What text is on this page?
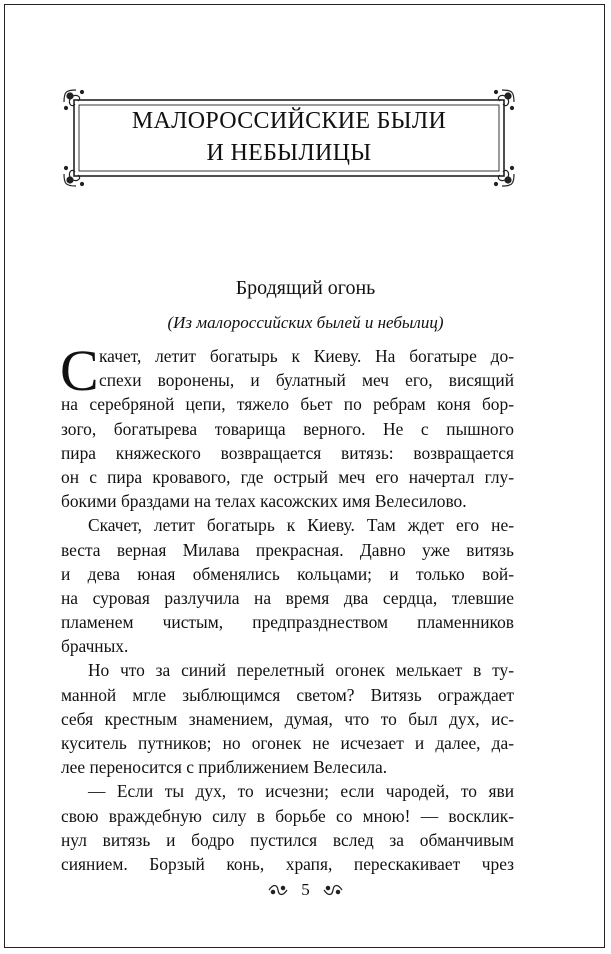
МАЛОРОССИЙСКИЕ БЫЛИ
И НЕБЫЛИЦЫ
Бродящий огонь
(Из малороссийских былей и небылиц)
С качет, летит богатырь к Киеву. На богатыре до-
спехи воронены, и булатный меч его, висящий
на серебряной цепи, тяжело бьет по ребрам коня бор-
зого, богатырева товарища верного. Не с пышного
пира княжеского возвращается витязь: возвращается
он с пира кровавого, где острый меч его начертал глу-
бокими браздами на телах касожских имя Велесилово.
Скачет, летит богатырь к Киеву. Там ждет его не-
веста верная Милава прекрасная. Давно уже витязь
и дева юная обменялись кольцами; и только вой-
на суровая разлучила на время два сердца, тлевшие
пламенем чистым, предпразднеством пламенников
брачных.
Но что за синий перелетный огонек мелькает в ту-
манной мгле зыблющимся светом? Витязь ограждает
себя крестным знамением, думая, что то был дух, ис-
куситель путников; но огонек не исчезает и далее, да-
лее переносится с приближением Велесила.
— Если ты дух, то исчезни; если чародей, то яви
свою враждебную силу в борьбе со мною! — восклик-
нул витязь и бодро пустился вслед за обманчивым
сиянием. Борзый конь, храпя, перескакивает чрез
5
